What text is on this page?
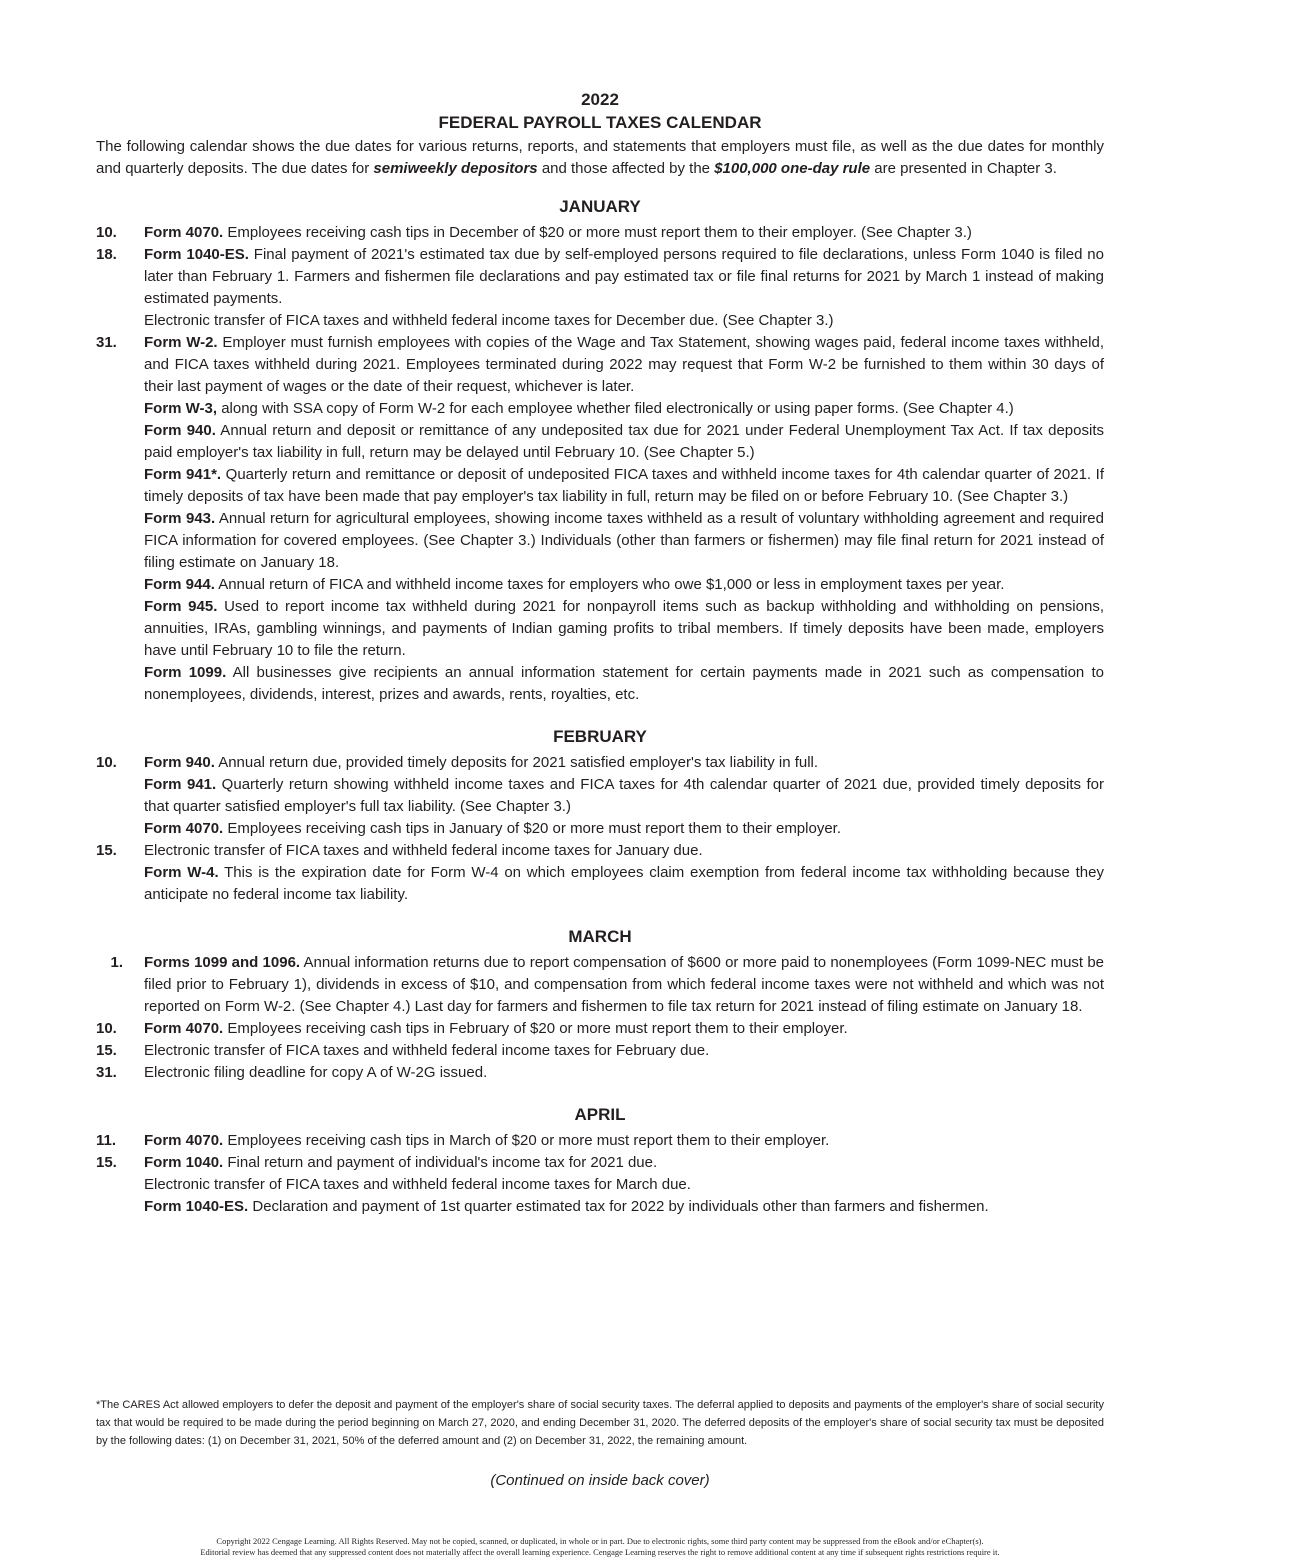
2022
FEDERAL PAYROLL TAXES CALENDAR

The following calendar shows the due dates for various returns, reports, and statements that employers must file, as well as the due dates for monthly and quarterly deposits. The due dates for semiweekly depositors and those affected by the $100,000 one-day rule are presented in Chapter 3.

JANUARY
10.	Form 4070. Employees receiving cash tips in December of $20 or more must report them to their employer. (See Chapter 3.)
18.	Form 1040-ES. Final payment of 2021's estimated tax due by self-employed persons required to file declarations, unless Form 1040 is filed no later than February 1. Farmers and fishermen file declarations and pay estimated tax or file final returns for 2021 by March 1 instead of making estimated payments.
Electronic transfer of FICA taxes and withheld federal income taxes for December due. (See Chapter 3.)
31.	Form W-2. Employer must furnish employees with copies of the Wage and Tax Statement, showing wages paid, federal income taxes withheld, and FICA taxes withheld during 2021. Employees terminated during 2022 may request that Form W-2 be furnished to them within 30 days of their last payment of wages or the date of their request, whichever is later.
Form W-3, along with SSA copy of Form W-2 for each employee whether filed electronically or using paper forms. (See Chapter 4.)
Form 940. Annual return and deposit or remittance of any undeposited tax due for 2021 under Federal Unemployment Tax Act. If tax deposits paid employer's tax liability in full, return may be delayed until February 10. (See Chapter 5.)
Form 941*. Quarterly return and remittance or deposit of undeposited FICA taxes and withheld income taxes for 4th calendar quarter of 2021. If timely deposits of tax have been made that pay employer's tax liability in full, return may be filed on or before February 10. (See Chapter 3.)
Form 943. Annual return for agricultural employees, showing income taxes withheld as a result of voluntary withholding agreement and required FICA information for covered employees. (See Chapter 3.) Individuals (other than farmers or fishermen) may file final return for 2021 instead of filing estimate on January 18.
Form 944. Annual return of FICA and withheld income taxes for employers who owe $1,000 or less in employment taxes per year.
Form 945. Used to report income tax withheld during 2021 for nonpayroll items such as backup withholding and withholding on pensions, annuities, IRAs, gambling winnings, and payments of Indian gaming profits to tribal members. If timely deposits have been made, employers have until February 10 to file the return.
Form 1099. All businesses give recipients an annual information statement for certain payments made in 2021 such as compensation to nonemployees, dividends, interest, prizes and awards, rents, royalties, etc.
FEBRUARY
10.	Form 940. Annual return due, provided timely deposits for 2021 satisfied employer's tax liability in full.
Form 941. Quarterly return showing withheld income taxes and FICA taxes for 4th calendar quarter of 2021 due, provided timely deposits for that quarter satisfied employer's full tax liability. (See Chapter 3.)
Form 4070. Employees receiving cash tips in January of $20 or more must report them to their employer.
15.	Electronic transfer of FICA taxes and withheld federal income taxes for January due.
Form W-4. This is the expiration date for Form W-4 on which employees claim exemption from federal income tax withholding because they anticipate no federal income tax liability.
MARCH
1.	Forms 1099 and 1096. Annual information returns due to report compensation of $600 or more paid to nonemployees (Form 1099-NEC must be filed prior to February 1), dividends in excess of $10, and compensation from which federal income taxes were not withheld and which was not reported on Form W-2. (See Chapter 4.) Last day for farmers and fishermen to file tax return for 2021 instead of filing estimate on January 18.
10.	Form 4070. Employees receiving cash tips in February of $20 or more must report them to their employer.
15.	Electronic transfer of FICA taxes and withheld federal income taxes for February due.
31.	Electronic filing deadline for copy A of W-2G issued.
APRIL
11.	Form 4070. Employees receiving cash tips in March of $20 or more must report them to their employer.
15.	Form 1040. Final return and payment of individual's income tax for 2021 due.
Electronic transfer of FICA taxes and withheld federal income taxes for March due.
Form 1040-ES. Declaration and payment of 1st quarter estimated tax for 2022 by individuals other than farmers and fishermen.
*The CARES Act allowed employers to defer the deposit and payment of the employer's share of social security taxes. The deferral applied to deposits and payments of the employer's share of social security tax that would be required to be made during the period beginning on March 27, 2020, and ending December 31, 2020. The deferred deposits of the employer's share of social security tax must be deposited by the following dates: (1) on December 31, 2021, 50% of the deferred amount and (2) on December 31, 2022, the remaining amount.
(Continued on inside back cover)
Copyright 2022 Cengage Learning. All Rights Reserved. May not be copied, scanned, or duplicated, in whole or in part. Due to electronic rights, some third party content may be suppressed from the eBook and/or eChapter(s).
Editorial review has deemed that any suppressed content does not materially affect the overall learning experience. Cengage Learning reserves the right to remove additional content at any time if subsequent rights restrictions require it.
